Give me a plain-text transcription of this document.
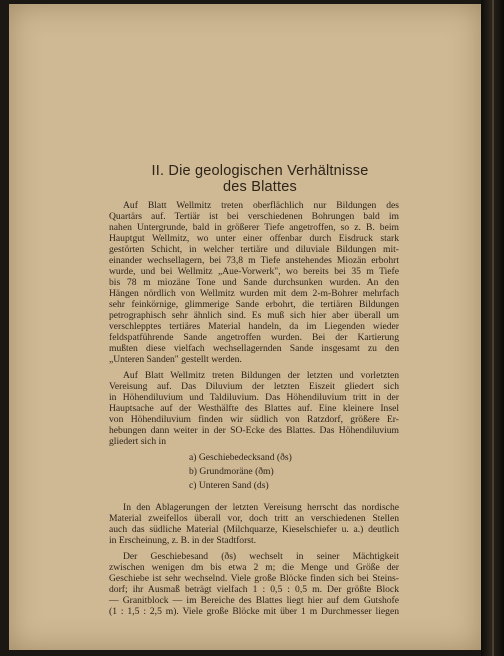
II. Die geologischen Verhältnisse
des Blattes

Auf Blatt Wellmitz treten oberflächlich nur Bildungen des

Quartärs auf. Tertiär ist bei verschiedenen Bohrungen bald im

nahen Untergrunde, bald in größerer Tiefe angetroffen, so z. B. beim

Hauptgut Wellmitz, wo unter einer offenbar durch Eisdruck stark

gestörten Schicht, in welcher tertiäre und diluviale Bildungen mit-

einander wechsellagern, bei 73,8 m Tiefe anstehendes Miozän erbohrt

wurde, und bei Wellmitz „Aue-Vorwerk", wo bereits bei 35 m Tiefe

bis 78 m miozäne Tone und Sande durchsunken wurden. An den

Hängen nördlich von Wellmitz wurden mit dem 2-m-Bohrer mehrfach

sehr feinkörnige, glimmerige Sande erbohrt, die tertiären Bildungen

petrographisch sehr ähnlich sind. Es muß sich hier aber überall um

verschlepptes tertiäres Material handeln, da im Liegenden wieder

feldspatführende Sande angetroffen wurden. Bei der Kartierung

mußten diese vielfach wechsellagernden Sande insgesamt zu den

„Unteren Sanden" gestellt werden.

Auf Blatt Wellmitz treten Bildungen der letzten und vorletzten

Vereisung auf. Das Diluvium der letzten Eiszeit gliedert sich

in Höhendiluvium und Taldiluvium. Das Höhendiluvium tritt in der

Hauptsache auf der Westhälfte des Blattes auf. Eine kleinere Insel

von Höhendiluvium finden wir südlich von Ratzdorf, größere Er-

hebungen dann weiter in der SO-Ecke des Blattes. Das Höhendiluvium

gliedert sich in

a) Geschiebedecksand (ðs)

b) Grundmoräne (ðm)

c) Unteren Sand (ds)

In den Ablagerungen der letzten Vereisung herrscht das nordische

Material zweifellos überall vor, doch tritt an verschiedenen Stellen

auch das südliche Material (Milchquarze, Kieselschiefer u. a.) deutlich

in Erscheinung, z. B. in der Stadtforst.

Der Geschiebesand (ðs) wechselt in seiner Mächtigkeit

zwischen wenigen dm bis etwa 2 m; die Menge und Größe der

Geschiebe ist sehr wechselnd. Viele große Blöcke finden sich bei Steins-

dorf; ihr Ausmaß beträgt vielfach 1 : 0,5 : 0,5 m. Der größte Block

— Granitblock — im Bereiche des Blattes liegt hier auf dem Gutshofe

(1 : 1,5 : 2,5 m). Viele große Blöcke mit über 1 m Durchmesser liegen
